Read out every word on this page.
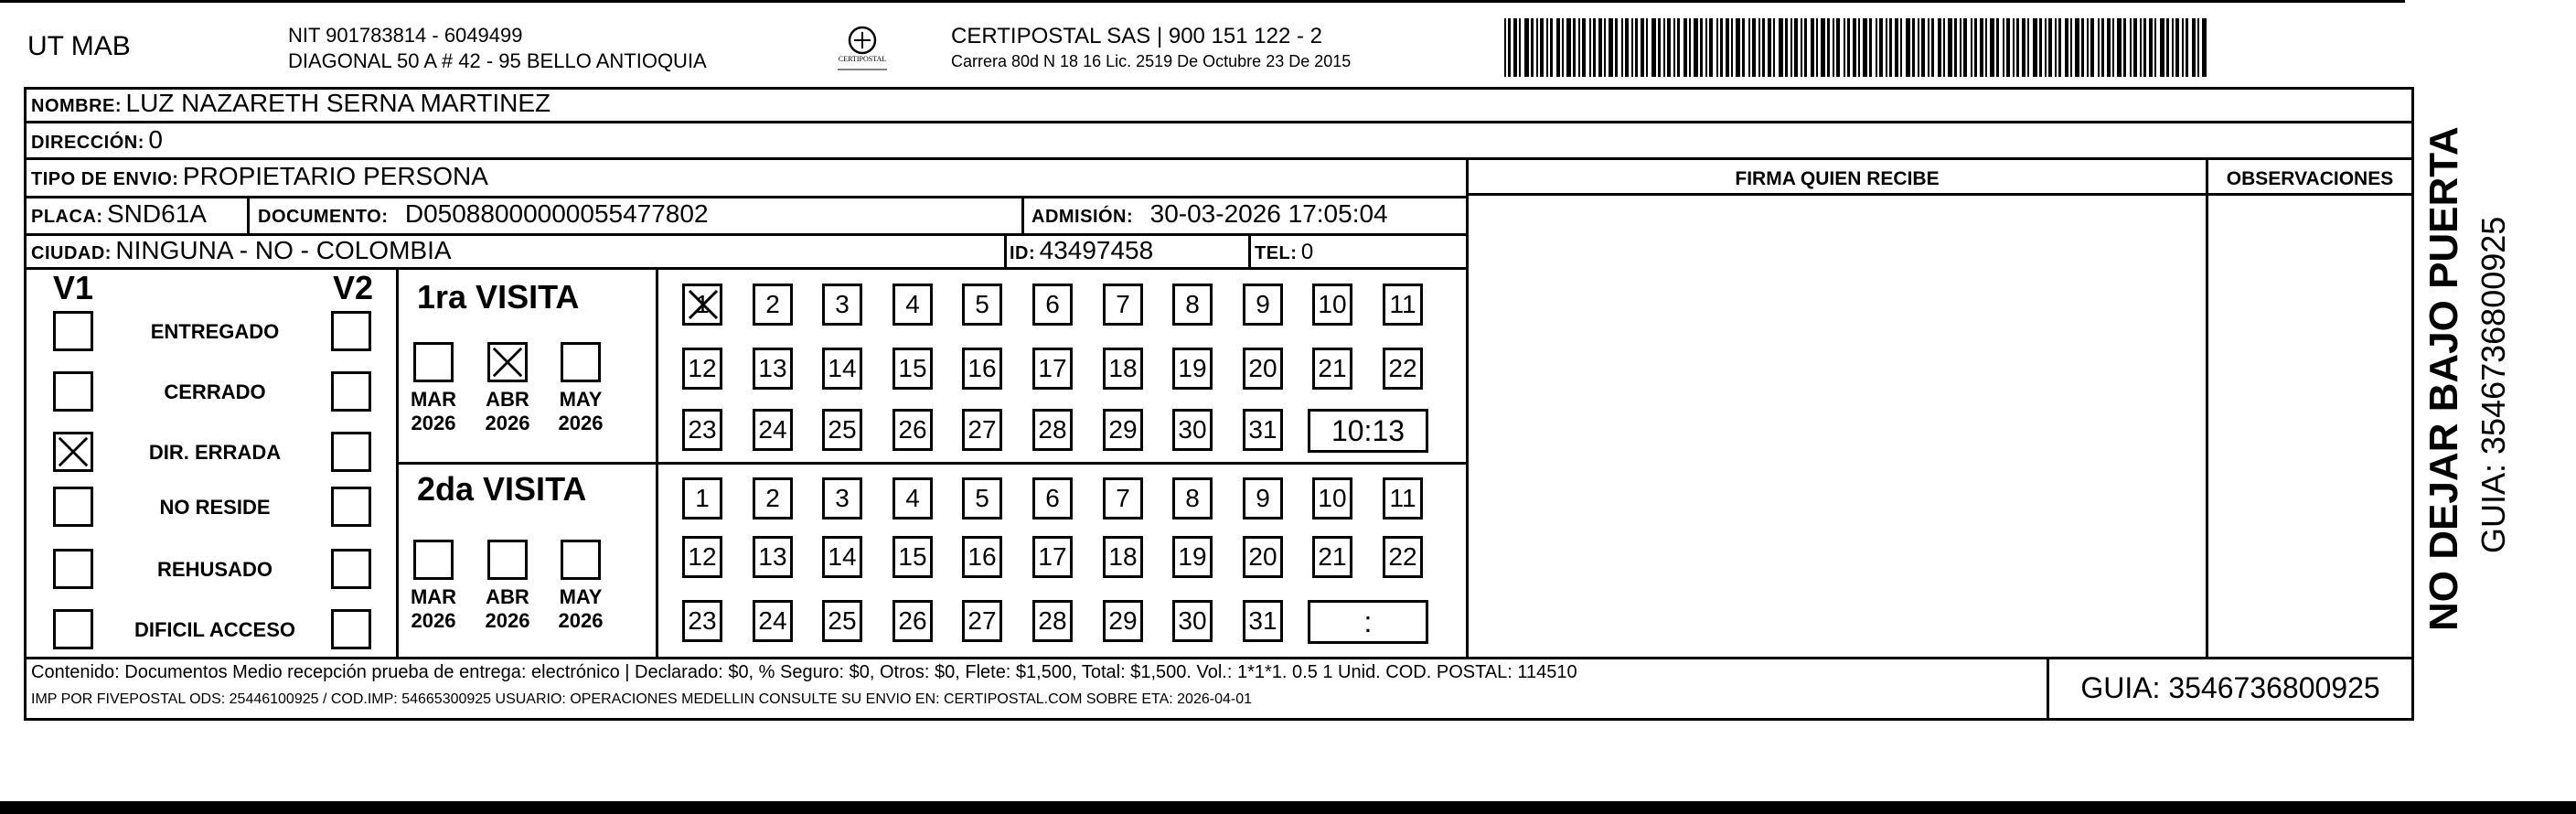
UT MAB	NIT 901783814 - 6049499
DIAGONAL 50 A # 42 - 95 BELLO ANTIOQUIA	CERTIPOSTAL
CERTIPOSTAL SAS | 900 151 122 - 2
Carrera 80d N 18 16 Lic. 2519 De Octubre 23 De 2015
NOMBRE: LUZ NAZARETH SERNA MARTINEZ
DIRECCIÓN: 0
TIPO DE ENVIO: PROPIETARIO PERSONA
PLACA: SND61A	DOCUMENTO: D05088000000055477802	ADMISIÓN: 30-03-2026 17:05:04
CIUDAD: NINGUNA - NO - COLOMBIA	ID: 43497458	TEL: 0
FIRMA QUIEN RECIBE	OBSERVACIONES
V1	V2
ENTREGADO
CERRADO
DIR. ERRADA
NO RESIDE
REHUSADO
DIFICIL ACCESO
1ra VISITA
MAR
2026
ABR
2026
MAY
2026
1	2	3	4	5	6	7	8	9	10 11
12 13 14 15 16 17 18 19 20 21 22
23 24 25 26 27 28 29 30 31	10:13
2da VISITA
MAR
2026
ABR
2026
MAY
2026
1	2	3	4	5	6	7	8	9	10 11
12 13 14 15 16 17 18 19 20 21 22
23 24 25 26 27 28 29 30 31	:
Contenido: Documentos Medio recepción prueba de entrega: electrónico | Declarado: $0, % Seguro: $0, Otros: $0, Flete: $1,500, Total: $1,500. Vol.: 1*1*1. 0.5 1 Unid. COD. POSTAL: 114510
IMP POR FIVEPOSTAL ODS: 25446100925 / COD.IMP: 54665300925 USUARIO: OPERACIONES MEDELLIN CONSULTE SU ENVIO EN: CERTIPOSTAL.COM SOBRE ETA: 2026-04-01	GUIA: 3546736800925
NO DEJAR BAJO PUERTA GUIA: 3546736800925
